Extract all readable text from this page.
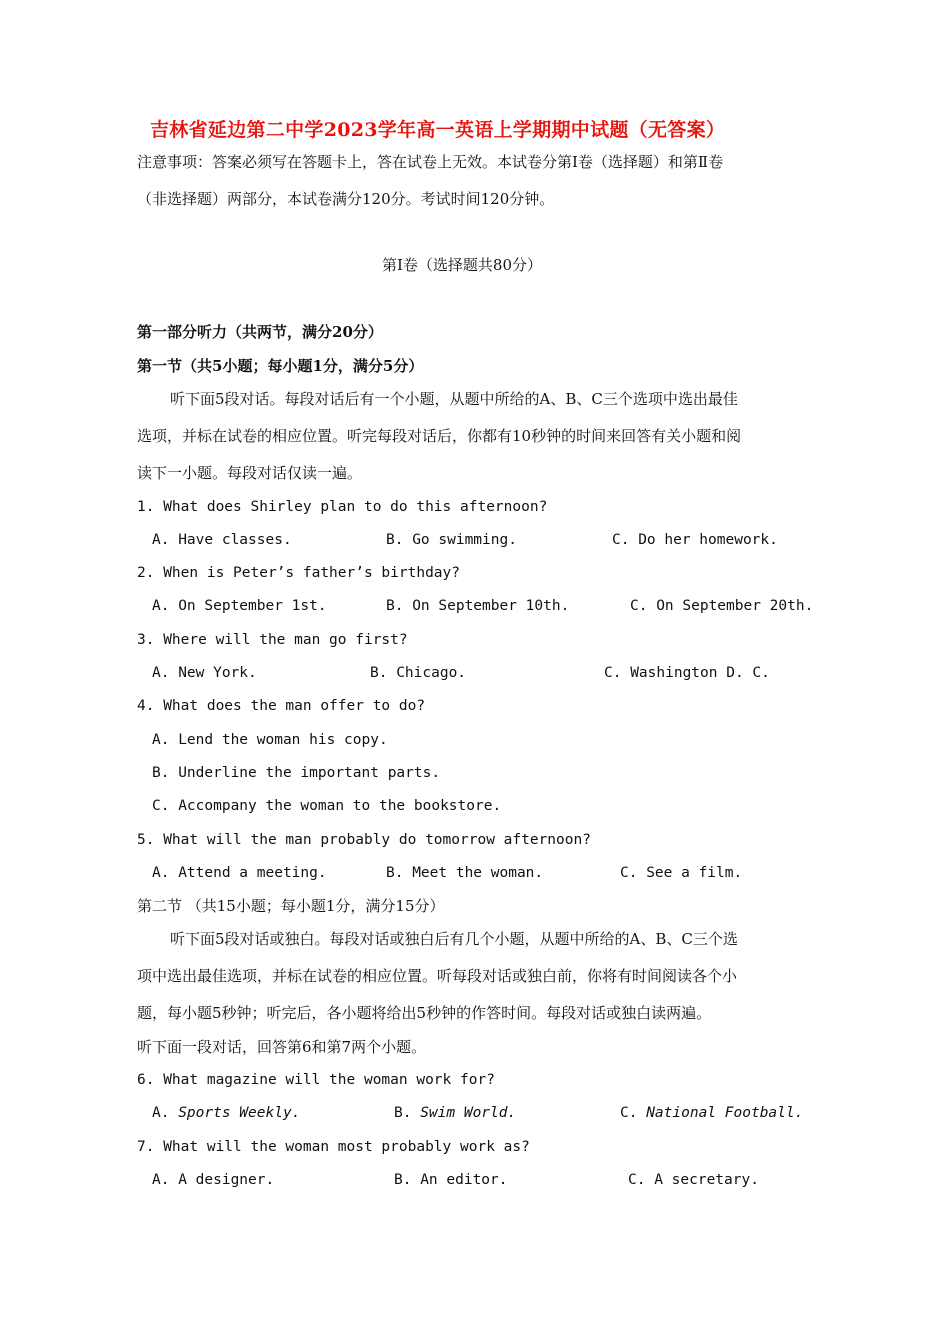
吉林省延边第二中学2023学年高一英语上学期期中试题（无答案）
注意事项：答案必须写在答题卡上，答在试卷上无效。本试卷分第Ⅰ卷（选择题）和第Ⅱ卷
（非选择题）两部分，本试卷满分120分。考试时间120分钟。
第Ⅰ卷（选择题共80分）
第一部分听力（共两节，满分20分）
第一节（共5小题；每小题1分，满分5分）
听下面5段对话。每段对话后有一个小题，从题中所给的A、B、C三个选项中选出最佳
选项，并标在试卷的相应位置。听完每段对话后，你都有10秒钟的时间来回答有关小题和阅
读下一小题。每段对话仅读一遍。
1. What does Shirley plan to do this afternoon?
A. Have classes.	B. Go swimming.	C. Do her homework.
2. When is Peter’s father’s birthday?
A. On September 1st.	B. On September 10th.	C. On September 20th.
3. Where will the man go first?
A. New York.	B. Chicago.	C. Washington D. C.
4. What does the man offer to do?
A. Lend the woman his copy.
B. Underline the important parts.
C. Accompany the woman to the bookstore.
5. What will the man probably do tomorrow afternoon?
A. Attend a meeting.	B. Meet the woman.	C. See a film.
第二节 （共15小题；每小题1分，满分15分）
听下面5段对话或独白。每段对话或独白后有几个小题，从题中所给的A、B、C三个选
项中选出最佳选项，并标在试卷的相应位置。听每段对话或独白前，你将有时间阅读各个小
题，每小题5秒钟；听完后，各小题将给出5秒钟的作答时间。每段对话或独白读两遍。
听下面一段对话，回答第6和第7两个小题。
6. What magazine will the woman work for?
A. Sports Weekly.	B. Swim World.	C. National Football.
7. What will the woman most probably work as?
A. A designer.	B. An editor.	C. A secretary.
